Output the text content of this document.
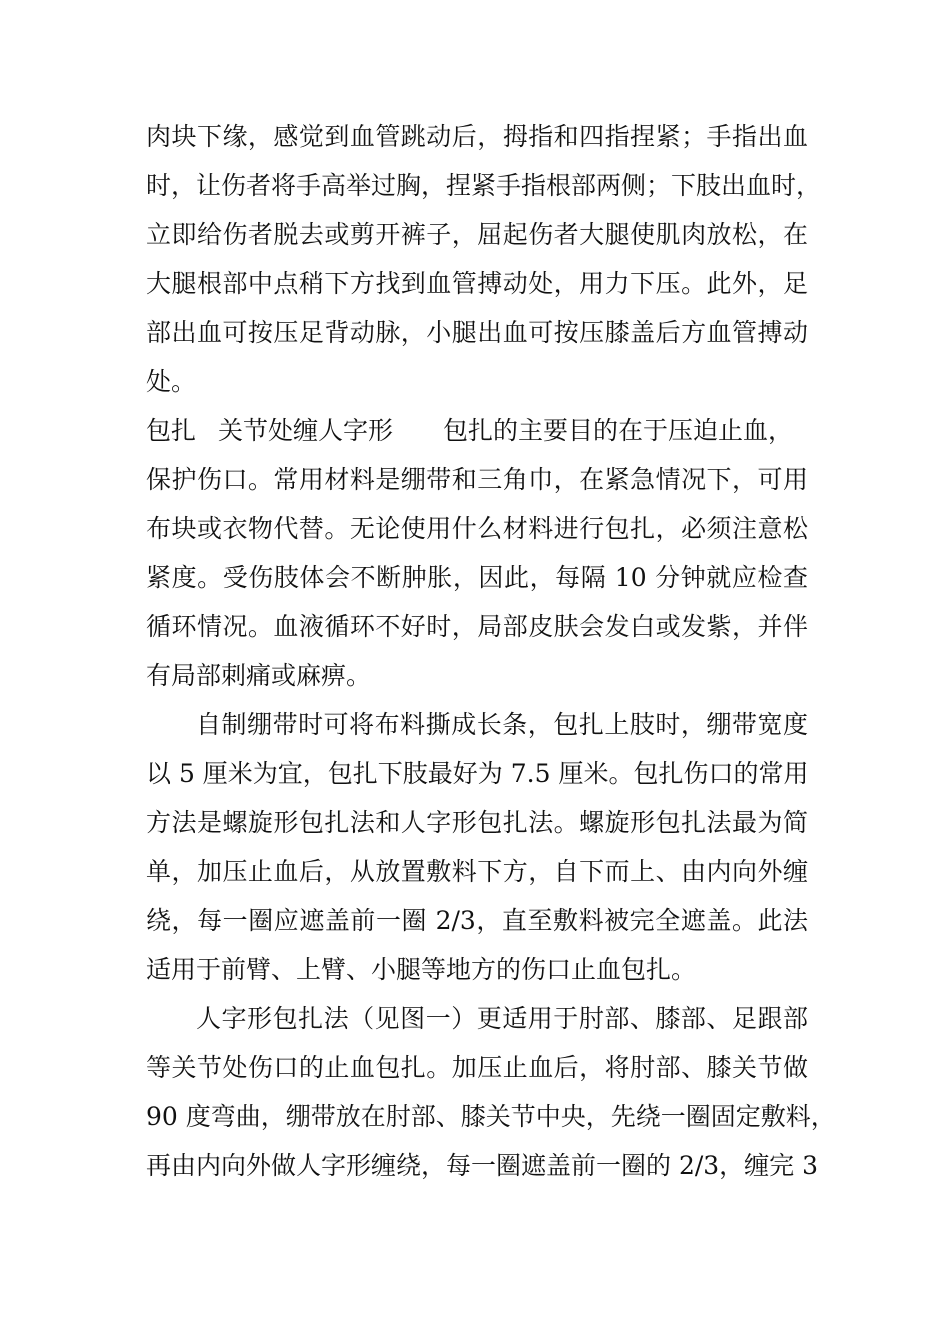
肉块下缘，感觉到血管跳动后，拇指和四指捏紧；手指出血
时，让伤者将手高举过胸，捏紧手指根部两侧；下肢出血时，
立即给伤者脱去或剪开裤子，屈起伤者大腿使肌肉放松，在
大腿根部中点稍下方找到血管搏动处，用力下压。此外，足
部出血可按压足背动脉，小腿出血可按压膝盖后方血管搏动
处。
包扎 关节处缠人字形 包扎的主要目的在于压迫止血，
保护伤口。常用材料是绷带和三角巾，在紧急情况下，可用
布块或衣物代替。无论使用什么材料进行包扎，必须注意松
紧度。受伤肢体会不断肿胀，因此，每隔 10 分钟就应检查
循环情况。血液循环不好时，局部皮肤会发白或发紫，并伴
有局部刺痛或麻痹。
自制绷带时可将布料撕成长条，包扎上肢时，绷带宽度
以 5 厘米为宜，包扎下肢最好为 7.5 厘米。包扎伤口的常用
方法是螺旋形包扎法和人字形包扎法。螺旋形包扎法最为简
单，加压止血后，从放置敷料下方，自下而上、由内向外缠
绕，每一圈应遮盖前一圈 2/3，直至敷料被完全遮盖。此法
适用于前臂、上臂、小腿等地方的伤口止血包扎。
人字形包扎法（见图一）更适用于肘部、膝部、足跟部
等关节处伤口的止血包扎。加压止血后，将肘部、膝关节做
90 度弯曲，绷带放在肘部、膝关节中央，先绕一圈固定敷料，
再由内向外做人字形缠绕，每一圈遮盖前一圈的 2/3，缠完 3
